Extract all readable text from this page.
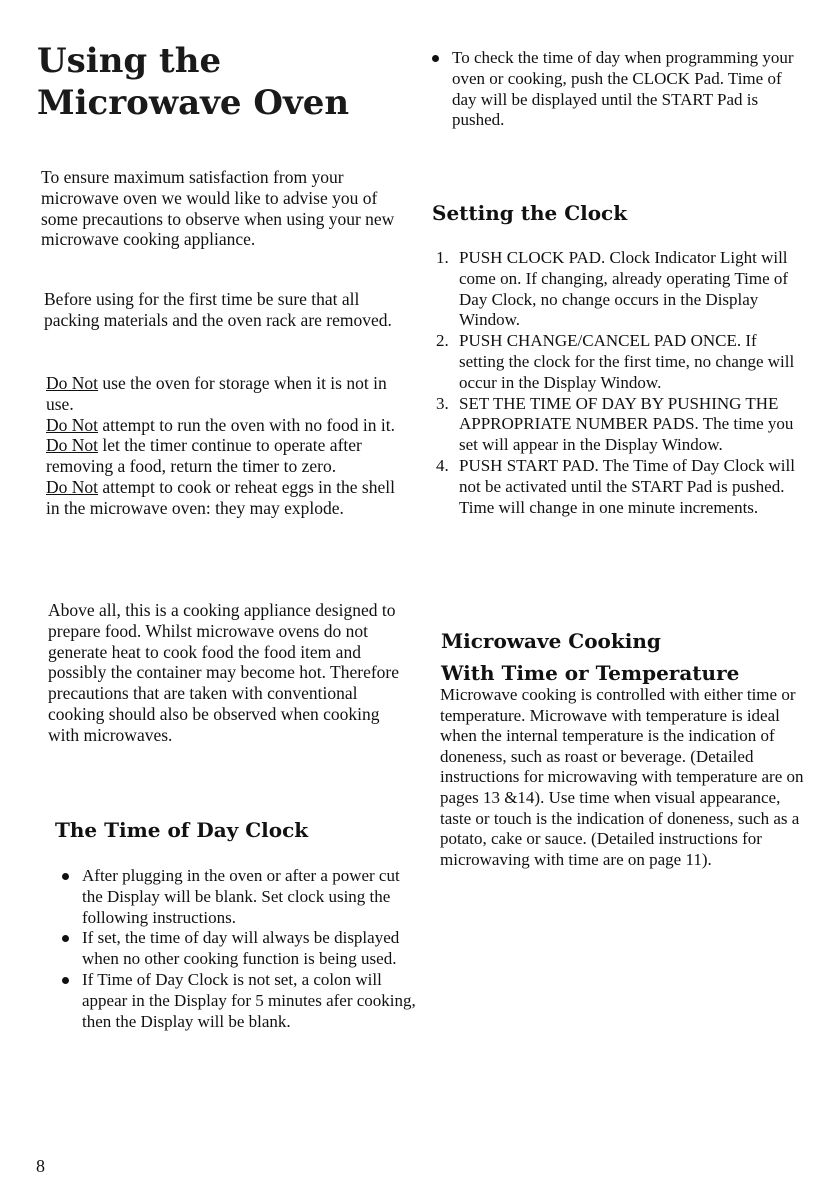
Using the Microwave Oven

To ensure maximum satisfaction from your microwave oven we would like to advise you of some precautions to observe when using your new microwave cooking appliance.

Before using for the first time be sure that all packing materials and the oven rack are removed.

Do Not use the oven for storage when it is not in use.
Do Not attempt to run the oven with no food in it.
Do Not let the timer continue to operate after removing a food, return the timer to zero.
Do Not attempt to cook or reheat eggs in the shell in the microwave oven: they may explode.

Above all, this is a cooking appliance designed to prepare food. Whilst microwave ovens do not generate heat to cook food the food item and possibly the container may become hot. Therefore precautions that are taken with conventional cooking should also be observed when cooking with microwaves.

The Time of Day Clock
After plugging in the oven or after a power cut the Display will be blank. Set clock using the following instructions.
If set, the time of day will always be displayed when no other cooking function is being used.
If Time of Day Clock is not set, a colon will appear in the Display for 5 minutes afer cooking, then the Display will be blank.
8
To check the time of day when programming your oven or cooking, push the CLOCK Pad. Time of day will be displayed until the START Pad is pushed.
Setting the Clock
1. PUSH CLOCK PAD. Clock Indicator Light will come on. If changing, already operating Time of Day Clock, no change occurs in the Display Window.
2. PUSH CHANGE/CANCEL PAD ONCE. If setting the clock for the first time, no change will occur in the Display Window.
3. SET THE TIME OF DAY BY PUSHING THE APPROPRIATE NUMBER PADS. The time you set will appear in the Display Window.
4. PUSH START PAD. The Time of Day Clock will not be activated until the START Pad is pushed. Time will change in one minute increments.
Microwave Cooking
With Time or Temperature

Microwave cooking is controlled with either time or temperature. Microwave with temperature is ideal when the internal temperature is the indication of doneness, such as roast or beverage. (Detailed instructions for microwaving with temperature are on pages 13 &14). Use time when visual appearance, taste or touch is the indication of doneness, such as a potato, cake or sauce. (Detailed instructions for microwaving with time are on page 11).
